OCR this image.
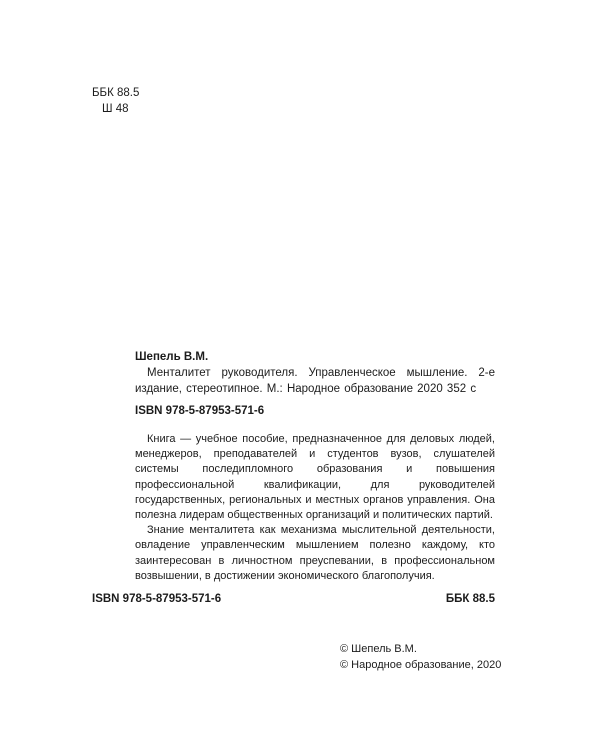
ББК 88.5
Ш 48
Шепель В.М.
Менталитет руководителя. Управленческое мышление. 2-е издание, стереотипное. М.: Народное образование 2020 352 с
ISBN 978-5-87953-571-6

Книга — учебное пособие, предназначенное для деловых людей, менеджеров, преподавателей и студентов вузов, слушателей системы последипломного образования и повышения профессиональной квалификации, для руководителей государственных, региональных и местных органов управления. Она полезна лидерам общественных организаций и политических партий.

Знание менталитета как механизма мыслительной деятельности, овладение управленческим мышлением полезно каждому, кто заинтересован в личностном преуспевании, в профессиональном возвышении, в достижении экономического благополучия.

ISBN 978-5-87953-571-6	ББК 88.5
© Шепель В.М.
© Народное образование, 2020
